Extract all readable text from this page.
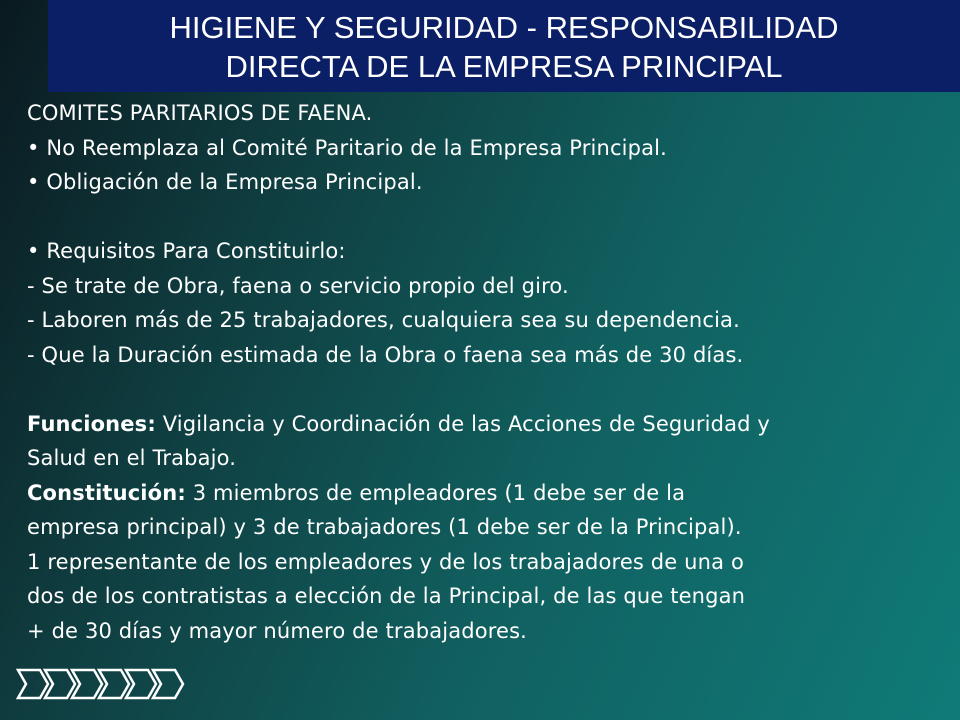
HIGIENE Y SEGURIDAD - RESPONSABILIDAD
DIRECTA DE LA EMPRESA PRINCIPAL
COMITES PARITARIOS DE FAENA.
• No Reemplaza al Comité Paritario de la Empresa Principal.
• Obligación de la Empresa Principal.
• Requisitos Para Constituirlo:
- Se trate de Obra, faena o servicio propio del giro.
- Laboren más de 25 trabajadores, cualquiera sea su dependencia.
- Que la Duración estimada de la Obra o faena sea más de 30 días.
Funciones: Vigilancia y Coordinación de las Acciones de Seguridad y
Salud en el Trabajo.
Constitución: 3 miembros de empleadores (1 debe ser de la
empresa principal) y 3 de trabajadores (1 debe ser de la Principal).
1 representante de los empleadores y de los trabajadores de una o
dos de los contratistas a elección de la Principal, de las que tengan
+ de 30 días y mayor número de trabajadores.
